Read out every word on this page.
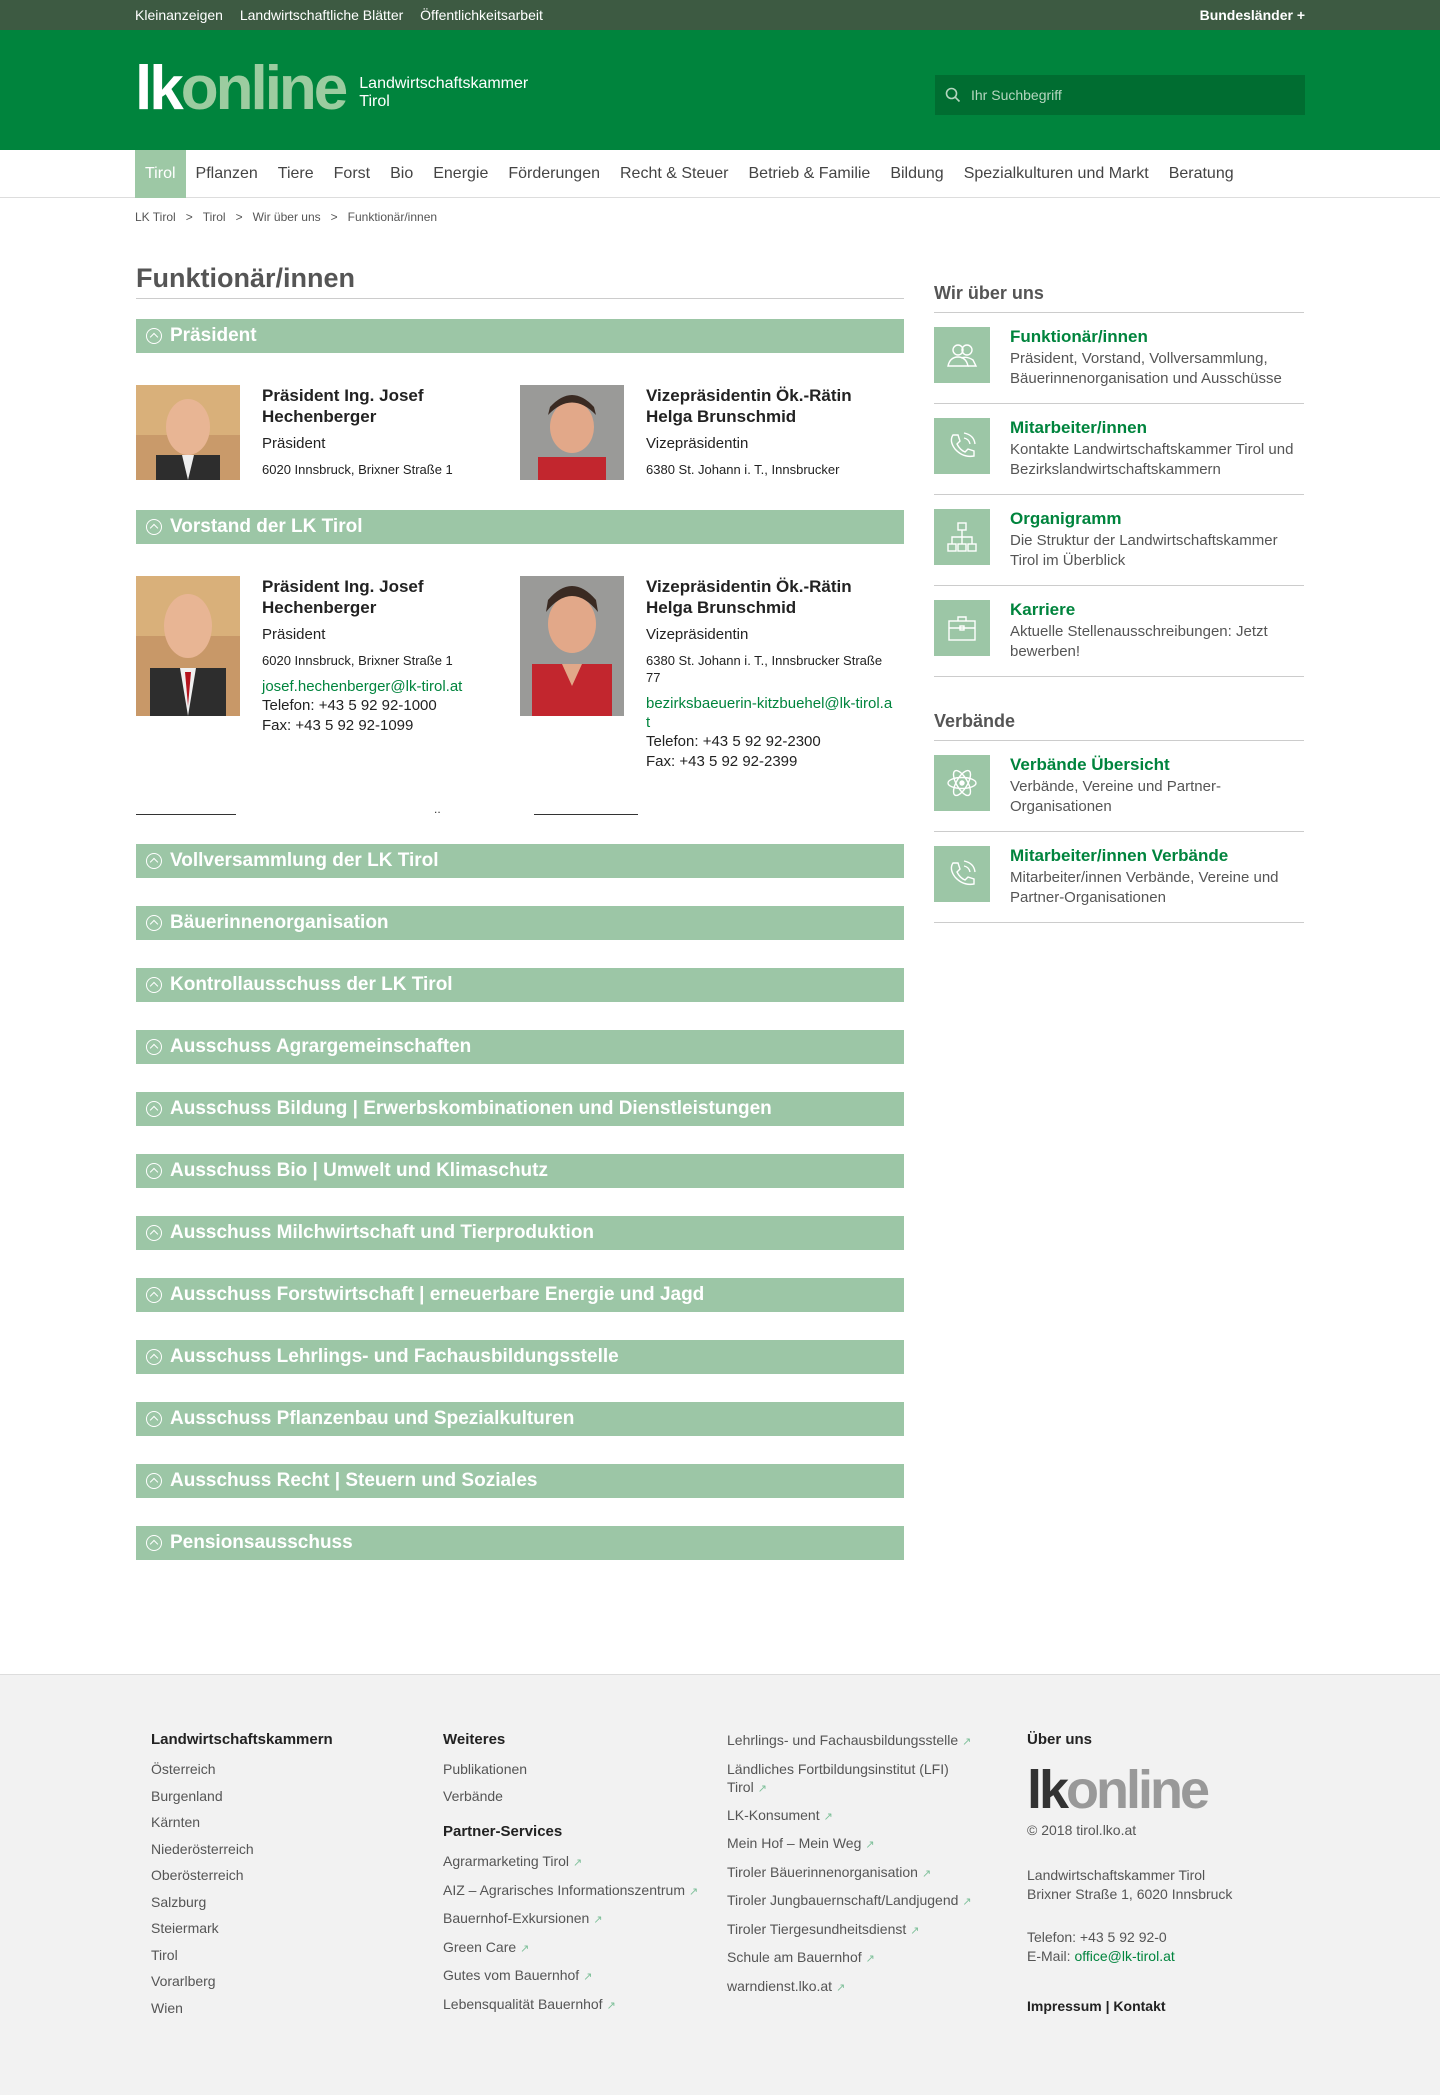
Kleinanzeigen Landwirtschaftliche Blätter Öffentlichkeitsarbeit	Bundesländer +
lk online Landwirtschaftskammer
Tirol
Ihr Suchbegriff
Tirol	Pflanzen	Tiere	Forst	Bio	Energie	Förderungen	Recht & Steuer	Betrieb & Familie	Bildung	Spezialkulturen und Markt	Beratung
LK Tirol > Tirol > Wir über uns > Funktionär/innen
Funktionär/innen
Präsident
Präsident Ing. Josef Hechenberger
Präsident
6020 Innsbruck, Brixner Straße 1
Vizepräsidentin Ök.-Rätin Helga Brunschmid
Vizepräsidentin
6380 St. Johann i. T., Innsbrucker
Vorstand der LK Tirol
Präsident Ing. Josef Hechenberger
Präsident
6020 Innsbruck, Brixner Straße 1
josef.hechenberger@lk-tirol.at
Telefon: +43 5 92 92-1000
Fax: +43 5 92 92-1099
Vizepräsidentin Ök.-Rätin Helga Brunschmid
Vizepräsidentin
6380 St. Johann i. T., Innsbrucker Straße 77
bezirksbaeuerin-kitzbuehel@lk-tirol.at
Telefon: +43 5 92 92-2300
Fax: +43 5 92 92-2399
..
Vollversammlung der LK Tirol
Bäuerinnenorganisation
Kontrollausschuss der LK Tirol
Ausschuss Agrargemeinschaften
Ausschuss Bildung | Erwerbskombinationen und Dienstleistungen
Ausschuss Bio | Umwelt und Klimaschutz
Ausschuss Milchwirtschaft und Tierproduktion
Ausschuss Forstwirtschaft | erneuerbare Energie und Jagd
Ausschuss Lehrlings- und Fachausbildungsstelle
Ausschuss Pflanzenbau und Spezialkulturen
Ausschuss Recht | Steuern und Soziales
Pensionsausschuss
Wir über uns
Funktionär/innen
Präsident, Vorstand, Vollversammlung, Bäuerinnenorganisation und Ausschüsse
Mitarbeiter/innen
Kontakte Landwirtschaftskammer Tirol und Bezirkslandwirtschaftskammern
Organigramm
Die Struktur der Landwirtschaftskammer Tirol im Überblick
Karriere
Aktuelle Stellenausschreibungen: Jetzt bewerben!
Verbände
Verbände Übersicht
Verbände, Vereine und Partner-Organisationen
Mitarbeiter/innen Verbände
Mitarbeiter/innen Verbände, Vereine und Partner-Organisationen
Landwirtschaftskammern
Österreich
Burgenland
Kärnten
Niederösterreich
Oberösterreich
Salzburg
Steiermark
Tirol
Vorarlberg
Wien
Weiteres
Publikationen
Verbände
Partner-Services
Agrarmarketing Tirol ↗
AIZ – Agrarisches Informationszentrum ↗
Bauernhof-Exkursionen ↗
Green Care ↗
Gutes vom Bauernhof ↗
Lebensqualität Bauernhof ↗
Lehrlings- und Fachausbildungsstelle ↗
Ländliches Fortbildungsinstitut (LFI) Tirol ↗
LK-Konsument ↗
Mein Hof – Mein Weg ↗
Tiroler Bäuerinnenorganisation ↗
Tiroler Jungbauernschaft/Landjugend ↗
Tiroler Tiergesundheitsdienst ↗
Schule am Bauernhof ↗
warndienst.lko.at ↗
Über uns
lk online
© 2018 tirol.lko.at
Landwirtschaftskammer Tirol
Brixner Straße 1, 6020 Innsbruck
Telefon: +43 5 92 92-0
E-Mail: office@lk-tirol.at
Impressum | Kontakt
